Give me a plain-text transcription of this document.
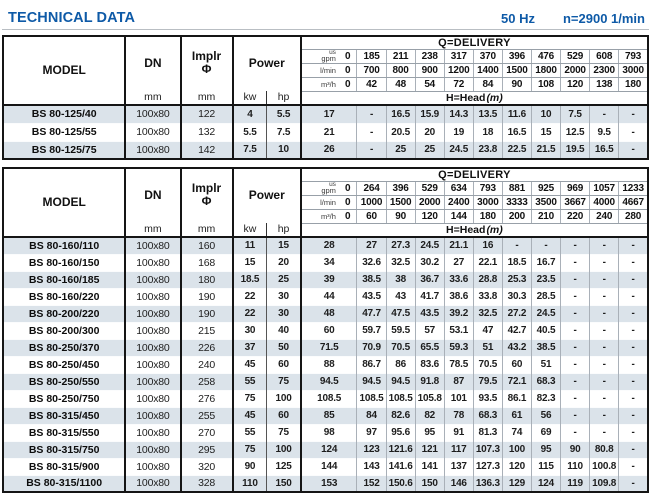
TECHNICAL DATA	50 Hz n=2900 1/min
MODEL

DN
mm

Implr
Φ
mm

Power
kw hp
	Q=DELIVERY

					us
gpm	0	185	211	238	317	370	396	476	529	608	793

					l/min	0	700	800	900	1200	1400	1500	1800	2000	2300	3000

					m³/h	0	42	48	54	72	84	90	108	120	138	180
					H=Head(m)											
BS 80-125/40	100x80	122	4	5.5	17		-	16.5	15.9	14.3	13.5	11.6	10	7.5	-	-
BS 80-125/55	100x80	132	5.5	7.5	21		-	20.5	20	19	18	16.5	15	12.5	9.5	-
BS 80-125/75	100x80	142	7.5	10	26		-	25	25	24.5	23.8	22.5	21.5	19.5	16.5	-
MODEL

DN
mm

Implr
Φ
mm

Power
kw hp
	Q=DELIVERY

					us
gpm	0	264	396	529	634	793	881	925	969	1057	1233

					l/min	0	1000	1500	2000	2400	3000	3333	3500	3667	4000	4667

					m³/h	0	60	90	120	144	180	200	210	220	240	280
					H=Head(m)											
BS 80-160/110	100x80	160	11	15	28		27	27.3	24.5	21.1	16	-	-	-	-	-
BS 80-160/150	100x80	168	15	20	34		32.6	32.5	30.2	27	22.1	18.5	16.7	-	-	-
BS 80-160/185	100x80	180	18.5	25	39		38.5	38	36.7	33.6	28.8	25.3	23.5	-	-	-
BS 80-160/220	100x80	190	22	30	44		43.5	43	41.7	38.6	33.8	30.3	28.5	-	-	-
BS 80-200/220	100x80	190	22	30	48		47.7	47.5	43.5	39.2	32.5	27.2	24.5	-	-	-
BS 80-200/300	100x80	215	30	40	60		59.7	59.5	57	53.1	47	42.7	40.5	-	-	-
BS 80-250/370	100x80	226	37	50	71.5		70.9	70.5	65.5	59.3	51	43.2	38.5	-	-	-
BS 80-250/450	100x80	240	45	60	88		86.7	86	83.6	78.5	70.5	60	51	-	-	-
BS 80-250/550	100x80	258	55	75	94.5		94.5	94.5	91.8	87	79.5	72.1	68.3	-	-	-
BS 80-250/750	100x80	276	75	100	108.5		108.5	108.5	105.8	101	93.5	86.1	82.3	-	-	-
BS 80-315/450	100x80	255	45	60	85		84	82.6	82	78	68.3	61	56	-	-	-
BS 80-315/550	100x80	270	55	75	98		97	95.6	95	91	81.3	74	69	-	-	-
BS 80-315/750	100x80	295	75	100	124		123	121.6	121	117	107.3	100	95	90	80.8	-
BS 80-315/900	100x80	320	90	125	144		143	141.6	141	137	127.3	120	115	110	100.8	-
BS 80-315/1100	100x80	328	110	150	153		152	150.6	150	146	136.3	129	124	119	109.8	-
